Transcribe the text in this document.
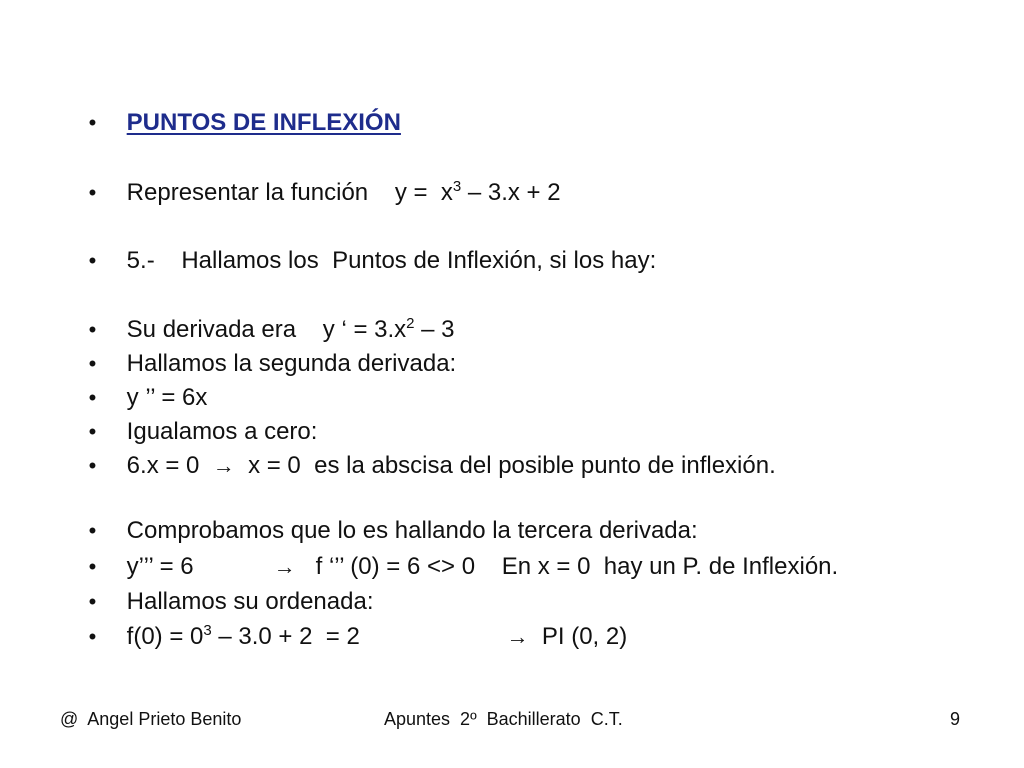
• PUNTOS DE INFLEXIÓN

• Representar la función    $y = x^3 - 3.x + 2$

• 5.-    Hallamos los  Puntos de Inflexión, si los hay:

• Su derivada era    y ‘ = $3.x^2 - 3$

• Hallamos la segunda derivada:

• y ’’ = 6x

• Igualamos a cero:

• 6.x = 0  →  x = 0  es la abscisa del posible punto de inflexión.

• Comprobamos que lo es hallando la tercera derivada:

• y’’’ = 6            →   f ‘’’ (0) = 6 <> 0    En x = 0  hay un P. de Inflexión.

• Hallamos su ordenada:

• $f(0) = 0^3 - 3.0 + 2 = 2$                      →  PI (0, 2)

@  Angel Prieto Benito	Apuntes  2º  Bachillerato  C.T.	9
